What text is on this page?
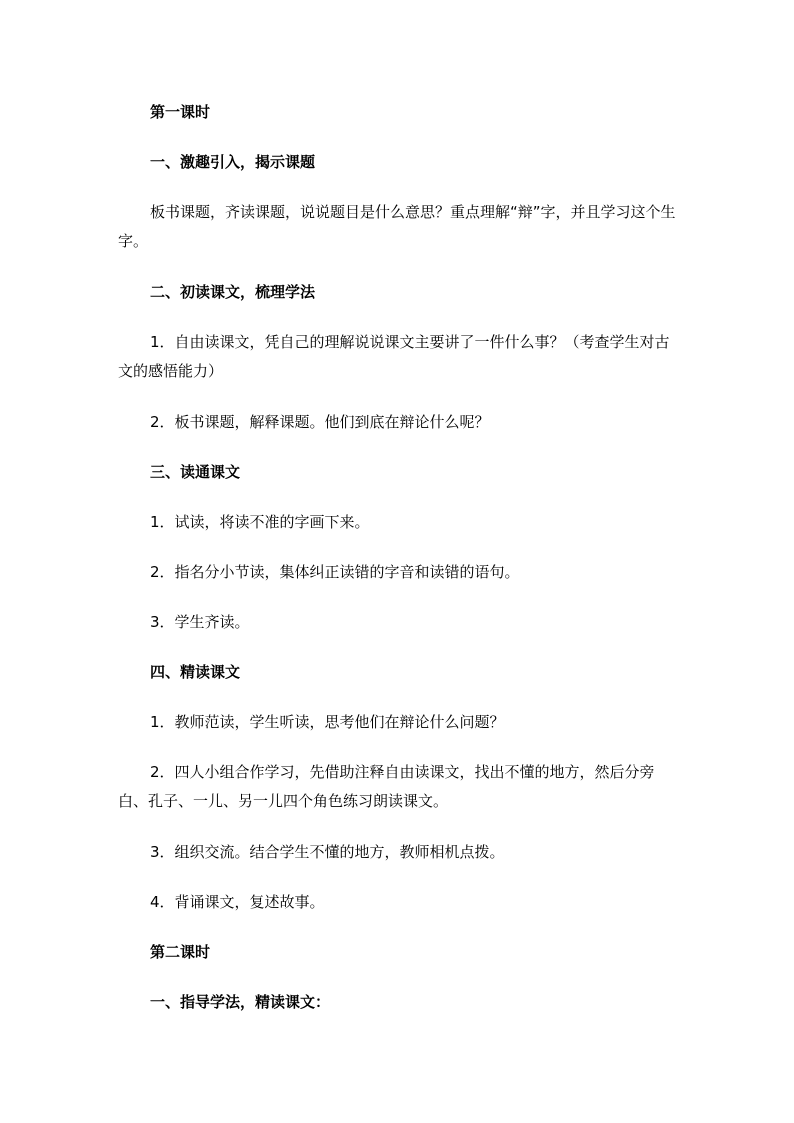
第一课时
一、激趣引入，揭示课题
板书课题，齐读课题，说说题目是什么意思？重点理解“辩”字，并且学习这个生字。
二、初读课文，梳理学法
1．自由读课文，凭自己的理解说说课文主要讲了一件什么事？（考查学生对古文的感悟能力）
2．板书课题，解释课题。他们到底在辩论什么呢？
三、读通课文
1．试读，将读不准的字画下来。
2．指名分小节读，集体纠正读错的字音和读错的语句。
3．学生齐读。
四、精读课文
1．教师范读，学生听读，思考他们在辩论什么问题？
2．四人小组合作学习，先借助注释自由读课文，找出不懂的地方，然后分旁白、孔子、一儿、另一儿四个角色练习朗读课文。
3．组织交流。结合学生不懂的地方，教师相机点拨。
4．背诵课文，复述故事。
第二课时
一、指导学法，精读课文：
